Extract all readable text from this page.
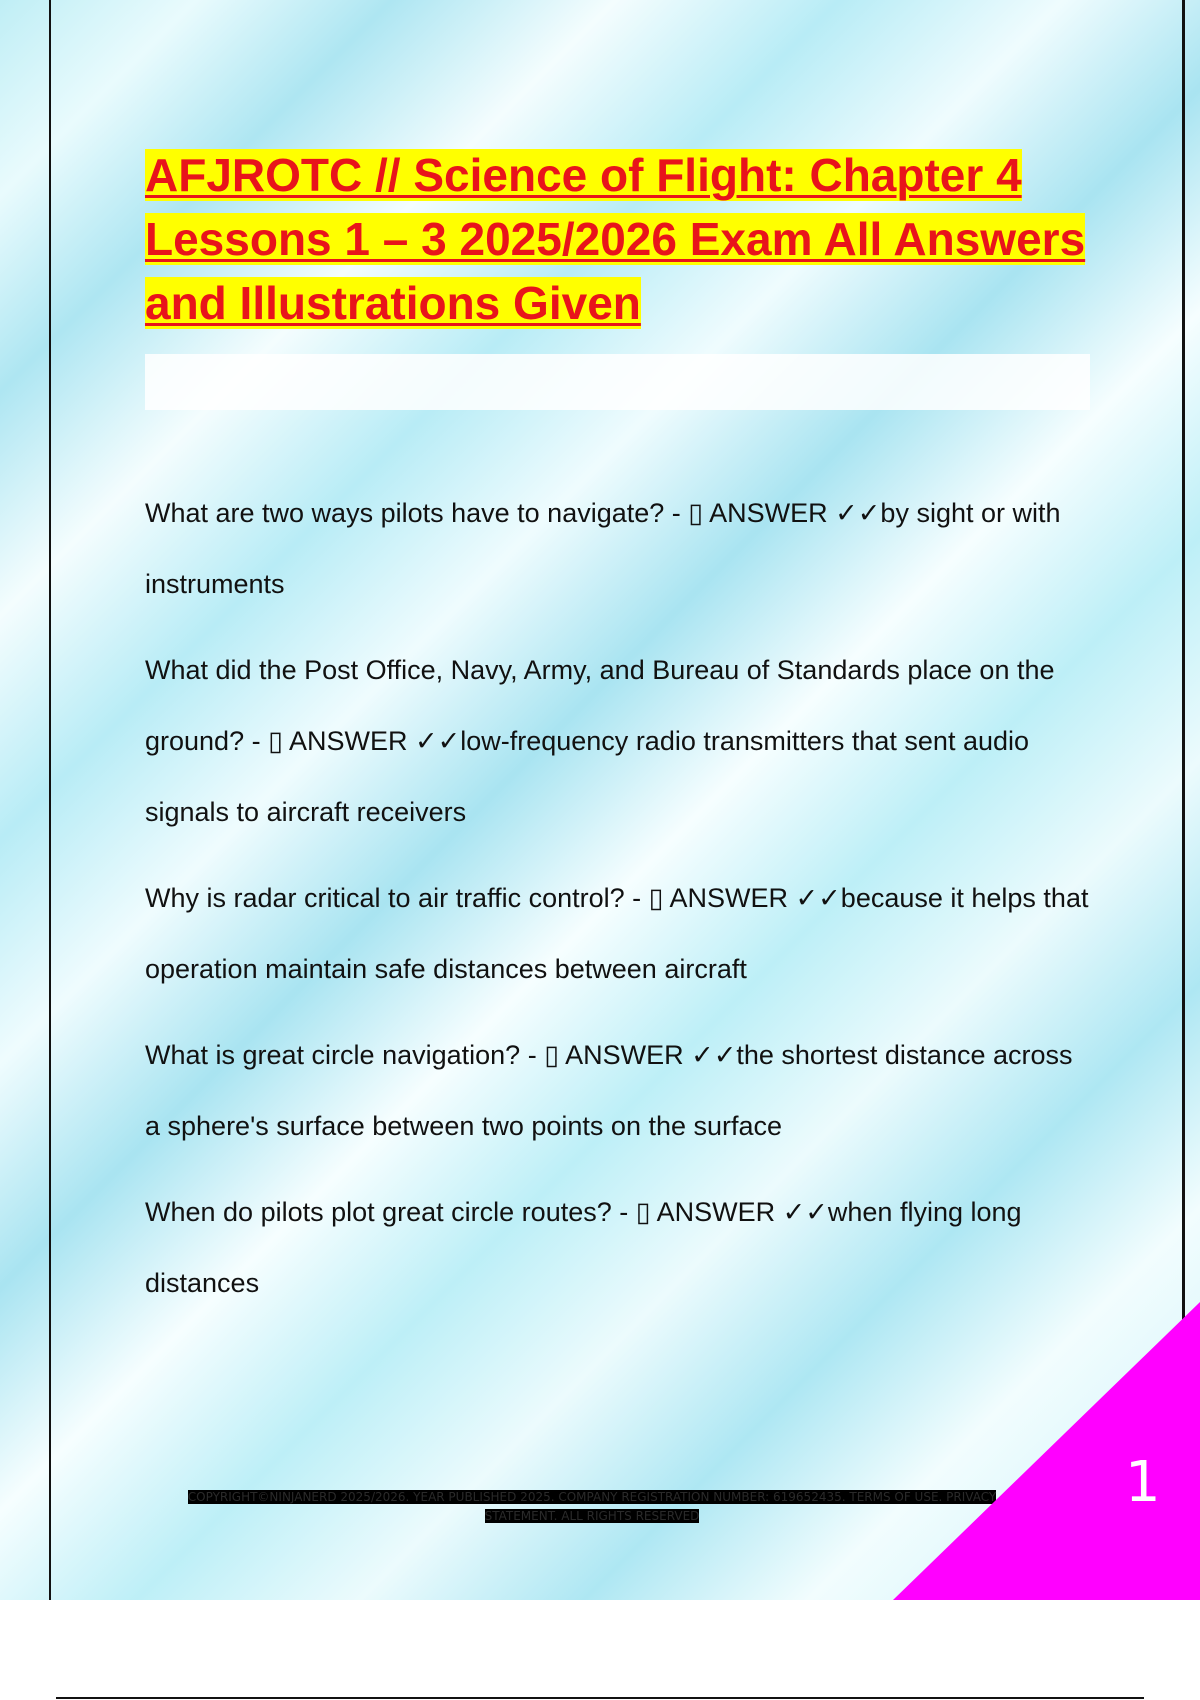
AFJROTC // Science of Flight: Chapter 4 Lessons 1 – 3 2025/2026 Exam All Answers and Illustrations Given
What are two ways pilots have to navigate? - ▯ ANSWER ✓✓by sight or with instruments
What did the Post Office, Navy, Army, and Bureau of Standards place on the ground? - ▯ ANSWER ✓✓low-frequency radio transmitters that sent audio signals to aircraft receivers
Why is radar critical to air traffic control? - ▯ ANSWER ✓✓because it helps that operation maintain safe distances between aircraft
What is great circle navigation? - ▯ ANSWER ✓✓the shortest distance across a sphere's surface between two points on the surface
When do pilots plot great circle routes? - ▯ ANSWER ✓✓when flying long distances
COPYRIGHT©NINJANERD 2025/2026. YEAR PUBLISHED 2025. COMPANY REGISTRATION NUMBER: 619652435. TERMS OF USE. PRIVACY STATEMENT. ALL RIGHTS RESERVED
1
